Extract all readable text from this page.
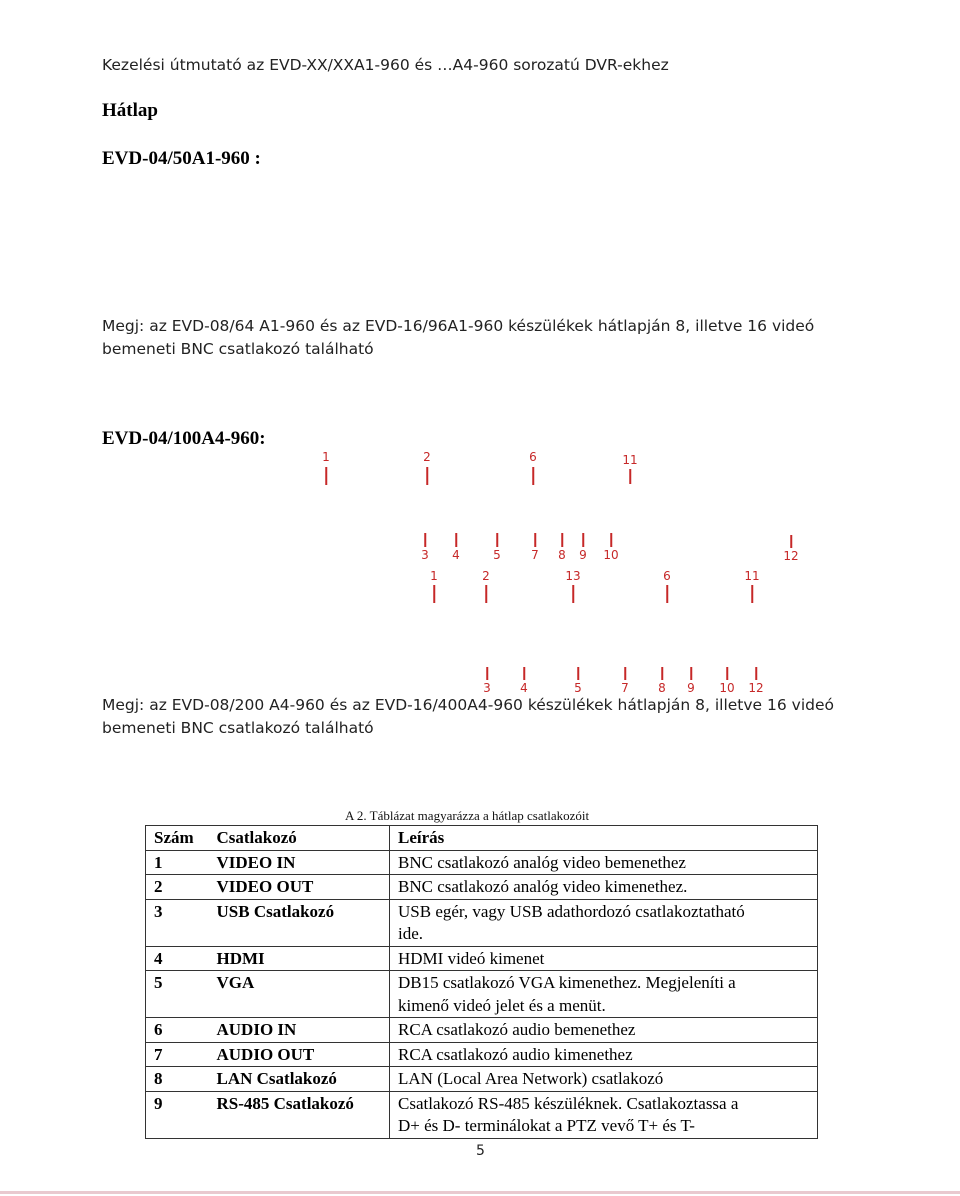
Kezelési útmutató az EVD-XX/XXA1-960 és …A4-960 sorozatú DVR-ekhez
Hátlap
EVD-04/50A1-960 :
Megj: az EVD-08/64 A1-960 és az EVD-16/96A1-960 készülékek hátlapján 8, illetve 16 videó
bemeneti BNC csatlakozó található
EVD-04/100A4-960:
1	2	6	11
3 4	5	7 8 9 10	12
1	2	13	6	11
3 4	5	7 8 9 10 12
Megj: az EVD-08/200 A4-960 és az EVD-16/400A4-960 készülékek hátlapján 8, illetve 16 videó
bemeneti BNC csatlakozó található
A 2. Táblázat magyarázza a hátlap csatlakozóit
Szám	Csatlakozó	Leírás
1	VIDEO IN	BNC csatlakozó analóg video bemenethez

2	VIDEO OUT	BNC csatlakozó analóg video kimenethez.

3	USB Csatlakozó	USB egér, vagy USB adathordozó csatlakoztatható
ide.

4	HDMI	HDMI videó kimenet

5	VGA	DB15 csatlakozó VGA kimenethez. Megjeleníti a
kimenő videó jelet és a menüt.

6	AUDIO IN	RCA csatlakozó audio bemenethez

7	AUDIO OUT	RCA csatlakozó audio kimenethez

8	LAN Csatlakozó	LAN (Local Area Network) csatlakozó

9	RS-485 Csatlakozó	Csatlakozó RS-485 készüléknek. Csatlakoztassa a
D+ és D- terminálokat a PTZ vevő T+ és T-
5
